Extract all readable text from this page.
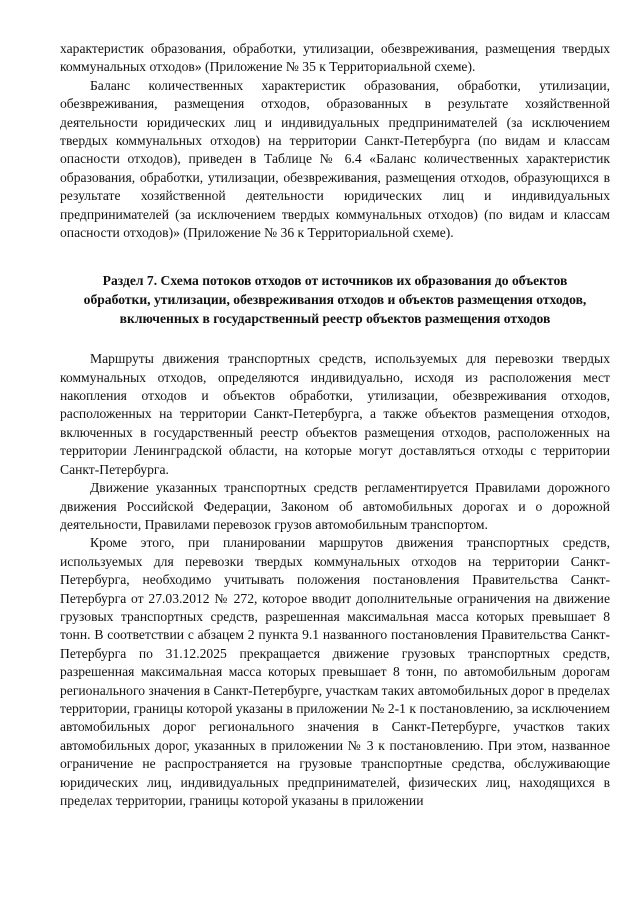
характеристик образования, обработки, утилизации, обезвреживания, размещения твердых коммунальных отходов» (Приложение № 35 к Территориальной схеме).

Баланс количественных характеристик образования, обработки, утилизации, обезвреживания, размещения отходов, образованных в результате хозяйственной деятельности юридических лиц и индивидуальных предпринимателей (за исключением твердых коммунальных отходов) на территории Санкт-Петербурга (по видам и классам опасности отходов), приведен в Таблице № 6.4 «Баланс количественных характеристик образования, обработки, утилизации, обезвреживания, размещения отходов, образующихся в результате хозяйственной деятельности юридических лиц и индивидуальных предпринимателей (за исключением твердых коммунальных отходов) (по видам и классам опасности отходов)» (Приложение № 36 к Территориальной схеме).

Раздел 7. Схема потоков отходов от источников их образования до объектов обработки, утилизации, обезвреживания отходов и объектов размещения отходов, включенных в государственный реестр объектов размещения отходов

Маршруты движения транспортных средств, используемых для перевозки твердых коммунальных отходов, определяются индивидуально, исходя из расположения мест накопления отходов и объектов обработки, утилизации, обезвреживания отходов, расположенных на территории Санкт-Петербурга, а также объектов размещения отходов, включенных в государственный реестр объектов размещения отходов, расположенных на территории Ленинградской области, на которые могут доставляться отходы с территории Санкт-Петербурга.

Движение указанных транспортных средств регламентируется Правилами дорожного движения Российской Федерации, Законом об автомобильных дорогах и о дорожной деятельности, Правилами перевозок грузов автомобильным транспортом.

Кроме этого, при планировании маршрутов движения транспортных средств, используемых для перевозки твердых коммунальных отходов на территории Санкт-Петербурга, необходимо учитывать положения постановления Правительства Санкт-Петербурга от 27.03.2012 № 272, которое вводит дополнительные ограничения на движение грузовых транспортных средств, разрешенная максимальная масса которых превышает 8 тонн. В соответствии с абзацем 2 пункта 9.1 названного постановления Правительства Санкт-Петербурга по 31.12.2025 прекращается движение грузовых транспортных средств, разрешенная максимальная масса которых превышает 8 тонн, по автомобильным дорогам регионального значения в Санкт-Петербурге, участкам таких автомобильных дорог в пределах территории, границы которой указаны в приложении № 2-1 к постановлению, за исключением автомобильных дорог регионального значения в Санкт-Петербурге, участков таких автомобильных дорог, указанных в приложении № 3 к постановлению. При этом, названное ограничение не распространяется на грузовые транспортные средства, обслуживающие юридических лиц, индивидуальных предпринимателей, физических лиц, находящихся в пределах территории, границы которой указаны в приложении
